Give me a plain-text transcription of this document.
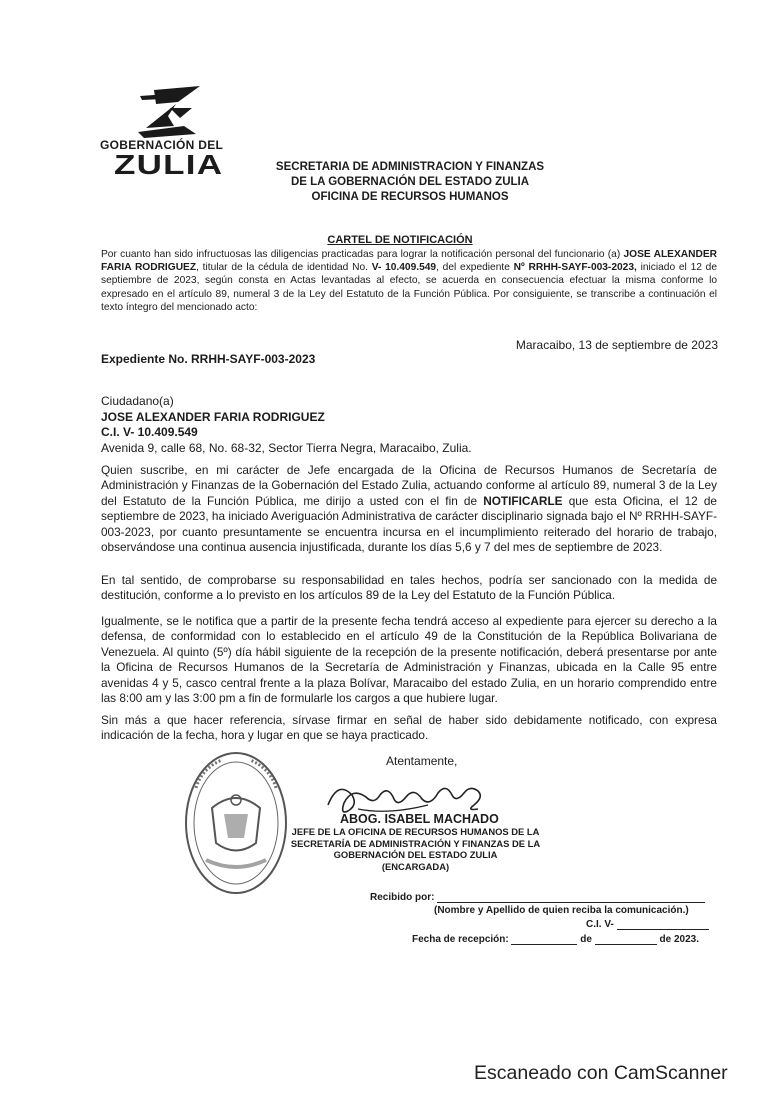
GOBERNACIÓN DEL
ZULIA	SECRETARIA DE ADMINISTRACION Y FINANZAS
DE LA GOBERNACIÓN DEL ESTADO ZULIA
OFICINA DE RECURSOS HUMANOS
CARTEL DE NOTIFICACIÓN
Por cuanto han sido infructuosas las diligencias practicadas para lograr la notificación personal del funcionario (a) JOSE ALEXANDER FARIA RODRIGUEZ, titular de la cédula de identidad No. V- 10.409.549, del expediente Nº RRHH-SAYF-003-2023, iniciado el 12 de septiembre de 2023, según consta en Actas levantadas al efecto, se acuerda en consecuencia efectuar la misma conforme lo expresado en el artículo 89, numeral 3 de la Ley del Estatuto de la Función Pública. Por consiguiente, se transcribe a continuación el texto íntegro del mencionado acto:
Maracaibo, 13 de septiembre de 2023
Expediente No. RRHH-SAYF-003-2023
Ciudadano(a)
JOSE ALEXANDER FARIA RODRIGUEZ
C.I. V- 10.409.549
Avenida 9, calle 68, No. 68-32, Sector Tierra Negra, Maracaibo, Zulia.
Quien suscribe, en mi carácter de Jefe encargada de la Oficina de Recursos Humanos de Secretaría de Administración y Finanzas de la Gobernación del Estado Zulia, actuando conforme al artículo 89, numeral 3 de la Ley del Estatuto de la Función Pública, me dirijo a usted con el fin de NOTIFICARLE que esta Oficina, el 12 de septiembre de 2023, ha iniciado Averiguación Administrativa de carácter disciplinario signada bajo el Nº RRHH-SAYF-003-2023, por cuanto presuntamente se encuentra incursa en el incumplimiento reiterado del horario de trabajo, observándose una continua ausencia injustificada, durante los días 5,6 y 7 del mes de septiembre de 2023.
En tal sentido, de comprobarse su responsabilidad en tales hechos, podría ser sancionado con la medida de destitución, conforme a lo previsto en los artículos 89 de la Ley del Estatuto de la Función Pública.
Igualmente, se le notifica que a partir de la presente fecha tendrá acceso al expediente para ejercer su derecho a la defensa, de conformidad con lo establecido en el artículo 49 de la Constitución de la República Bolivariana de Venezuela. Al quinto (5º) día hábil siguiente de la recepción de la presente notificación, deberá presentarse por ante la Oficina de Recursos Humanos de la Secretaría de Administración y Finanzas, ubicada en la Calle 95 entre avenidas 4 y 5, casco central frente a la plaza Bolívar, Maracaibo del estado Zulia, en un horario comprendido entre las 8:00 am y las 3:00 pm a fin de formularle los cargos a que hubiere lugar.
Sin más a que hacer referencia, sírvase firmar en señal de haber sido debidamente notificado, con expresa indicación de la fecha, hora y lugar en que se haya practicado.
Atentamente,
ABOG. ISABEL MACHADO
JEFE DE LA OFICINA DE RECURSOS HUMANOS DE LA
SECRETARÍA DE ADMINISTRACIÓN Y FINANZAS DE LA
GOBERNACIÓN DEL ESTADO ZULIA
(ENCARGADA)
Recibido por:
(Nombre y Apellido de quien reciba la comunicación.)
C.I. V-
Fecha de recepción:	de	de 2023.
Escaneado con CamScanner
